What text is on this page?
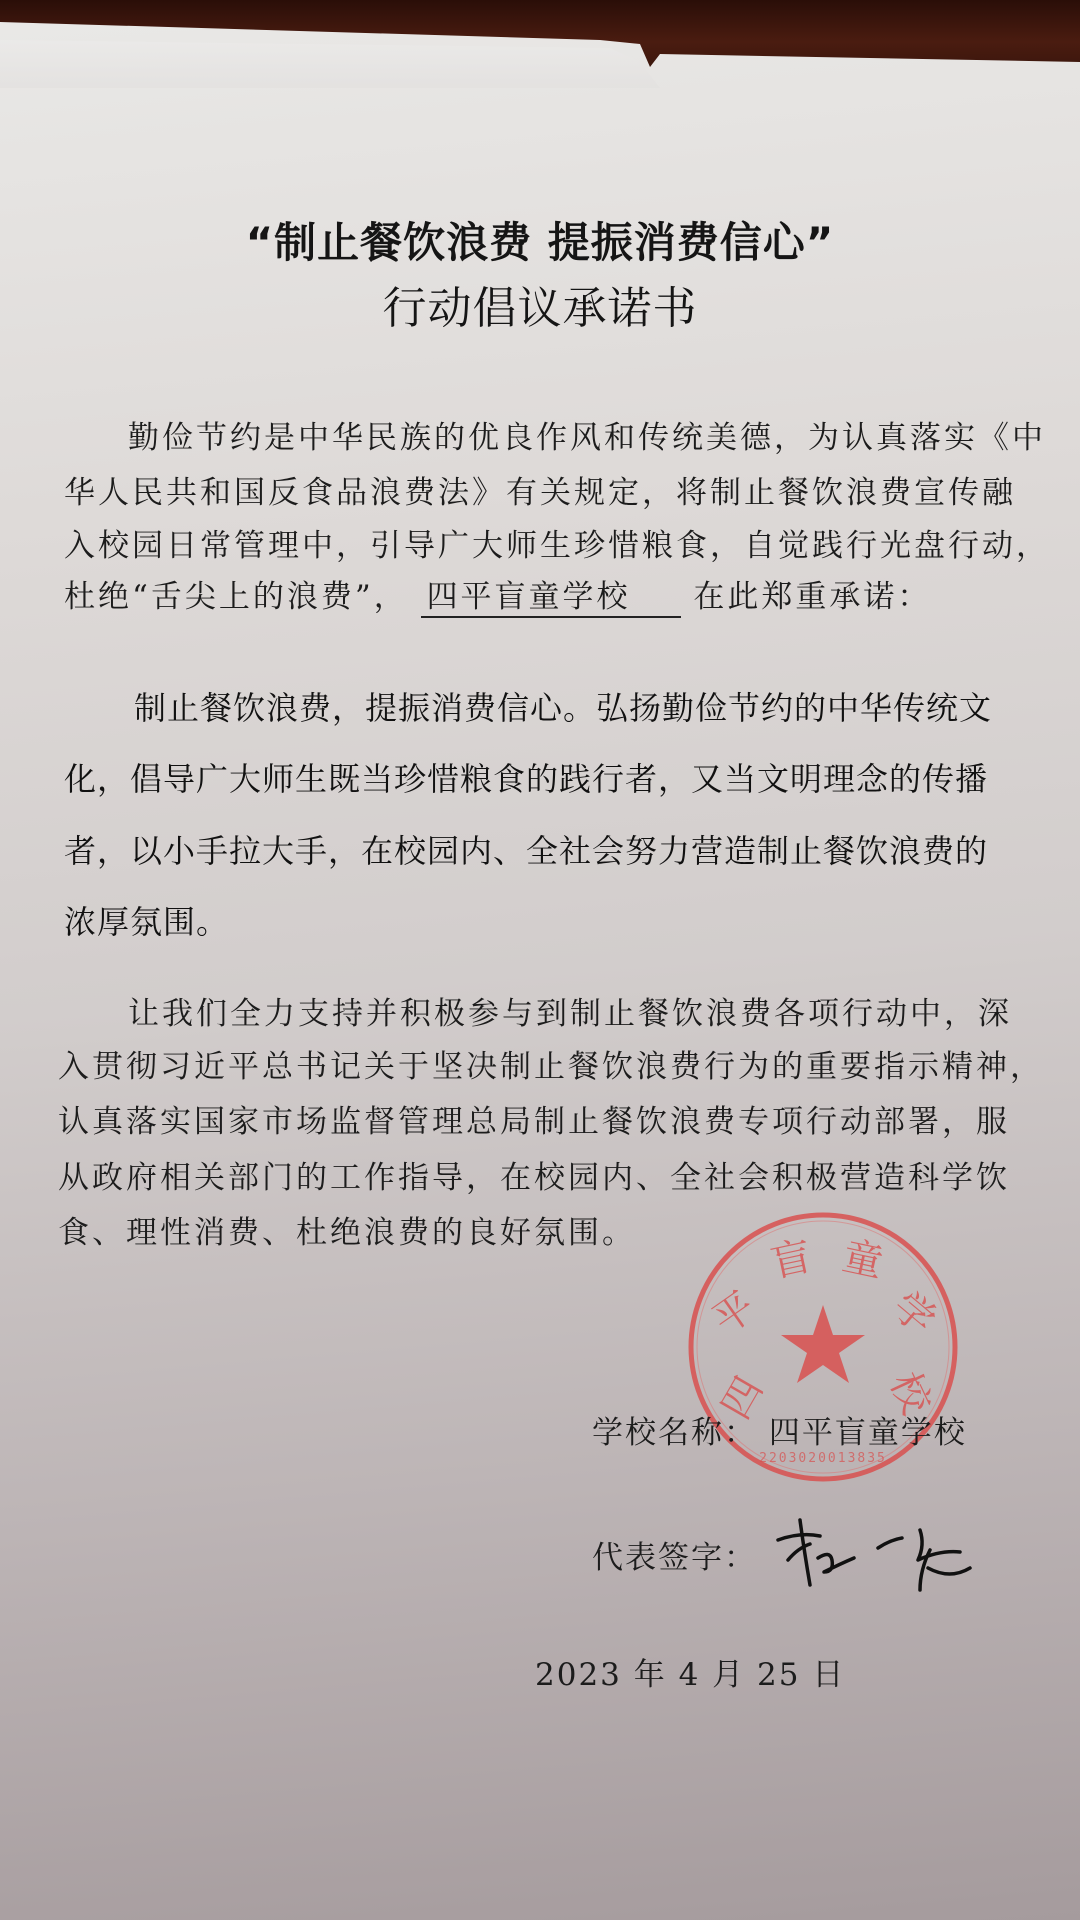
“制止餐饮浪费 提振消费信心”
行动倡议承诺书
勤俭节约是中华民族的优良作风和传统美德，为认真落实《中
华人民共和国反食品浪费法》有关规定，将制止餐饮浪费宣传融
入校园日常管理中，引导广大师生珍惜粮食，自觉践行光盘行动，
杜绝“舌尖上的浪费”， 四平盲童学校 在此郑重承诺：
制止餐饮浪费，提振消费信心。弘扬勤俭节约的中华传统文
化，倡导广大师生既当珍惜粮食的践行者，又当文明理念的传播
者，以小手拉大手，在校园内、全社会努力营造制止餐饮浪费的
浓厚氛围。
让我们全力支持并积极参与到制止餐饮浪费各项行动中，深
入贯彻习近平总书记关于坚决制止餐饮浪费行为的重要指示精神，
认真落实国家市场监督管理总局制止餐饮浪费专项行动部署，服
从政府相关部门的工作指导，在校园内、全社会积极营造科学饮
食、理性消费、杜绝浪费的良好氛围。
四
平
盲 童
学
校
2203020013835
学校名称： 四平盲童学校
代表签字：
2023 年 4 月 25 日
